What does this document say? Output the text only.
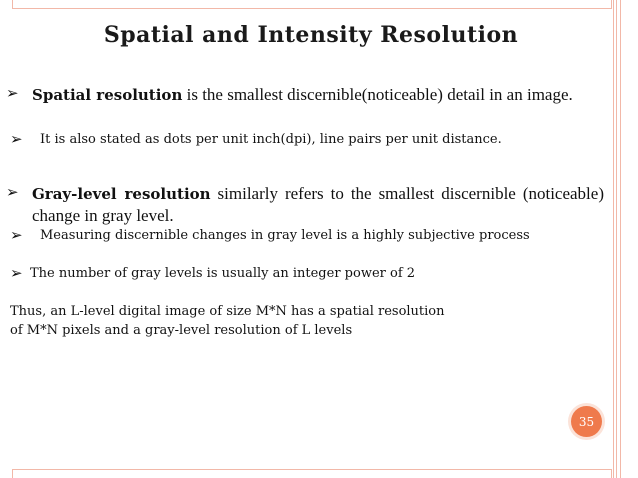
Spatial and Intensity Resolution
➢ Spatial resolution is the smallest discernible(noticeable) detail in an image.
➢ It is also stated as dots per unit inch(dpi), line pairs per unit distance.
➢ Gray-level resolution similarly refers to the smallest discernible (noticeable) change in gray level.
➢ Measuring discernible changes in gray level is a highly subjective process
➢ The number of gray levels is usually an integer power of 2
Thus, an L-level digital image of size M*N has a spatial resolution
of M*N pixels and a gray-level resolution of L levels
35
